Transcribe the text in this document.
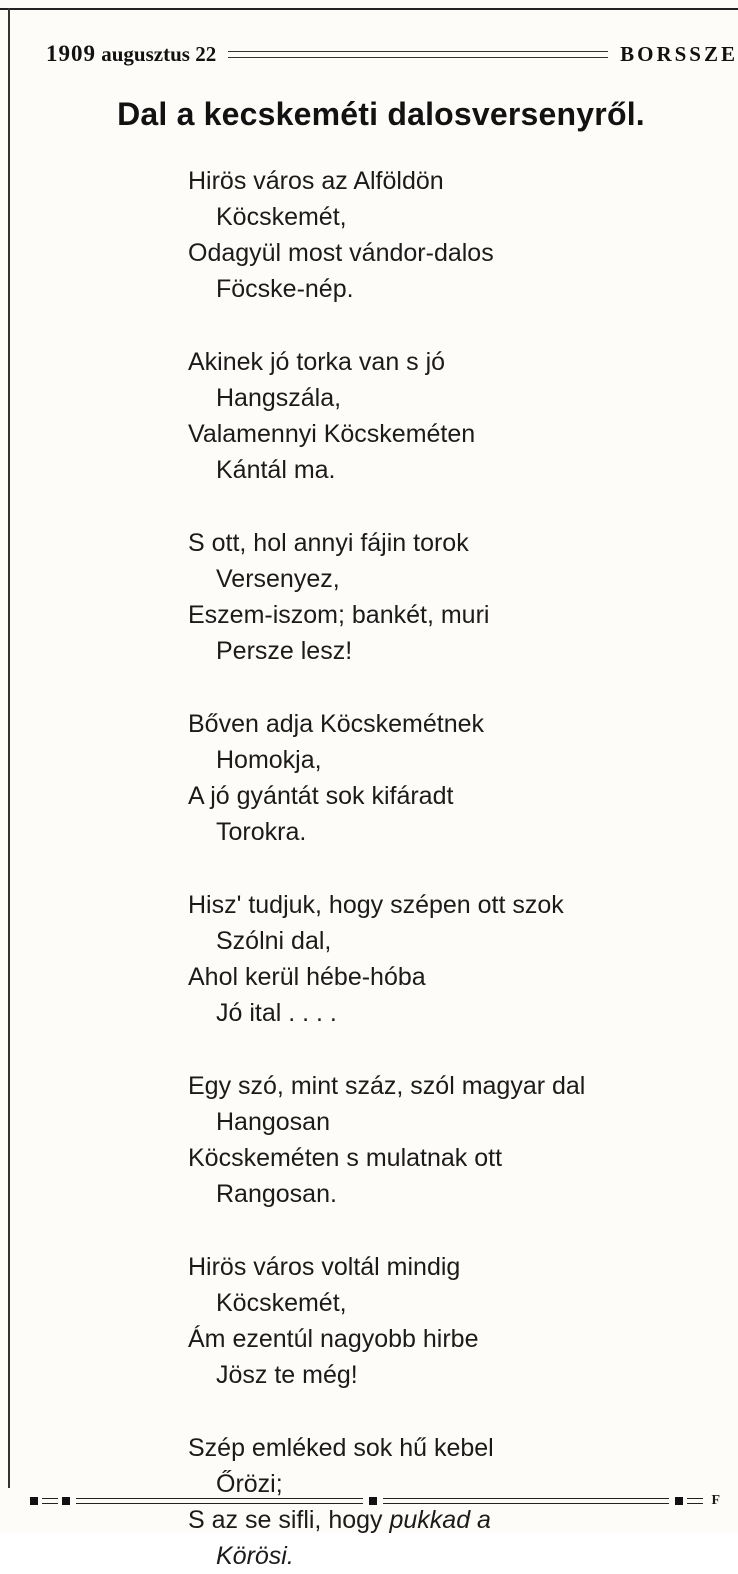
1909 augusztus 22	BORSSZE
Dal a kecskeméti dalosversenyről.
Hirös város az Alföldön
Köcskemét,
Odagyül most vándor-dalos
Föcske-nép.
Akinek jó torka van s jó
Hangszála,
Valamennyi Köcskeméten
Kántál ma.
S ott, hol annyi fájin torok
Versenyez,
Eszem-iszom; bankét, muri
Persze lesz!
Bőven adja Köcskemétnek
Homokja,
A jó gyántát sok kifáradt
Torokra.
Hisz' tudjuk, hogy szépen ott szok
Szólni dal,
Ahol kerül hébe-hóba
Jó ital . . . .
Egy szó, mint száz, szól magyar dal
Hangosan
Köcskeméten s mulatnak ott
Rangosan.
Hirös város voltál mindig
Köcskemét,
Ám ezentúl nagyobb hirbe
Jösz te még!
Szép emléked sok hű kebel
Őrözi;
S az se sifli, hogy pukkad a
Körösi.
F
